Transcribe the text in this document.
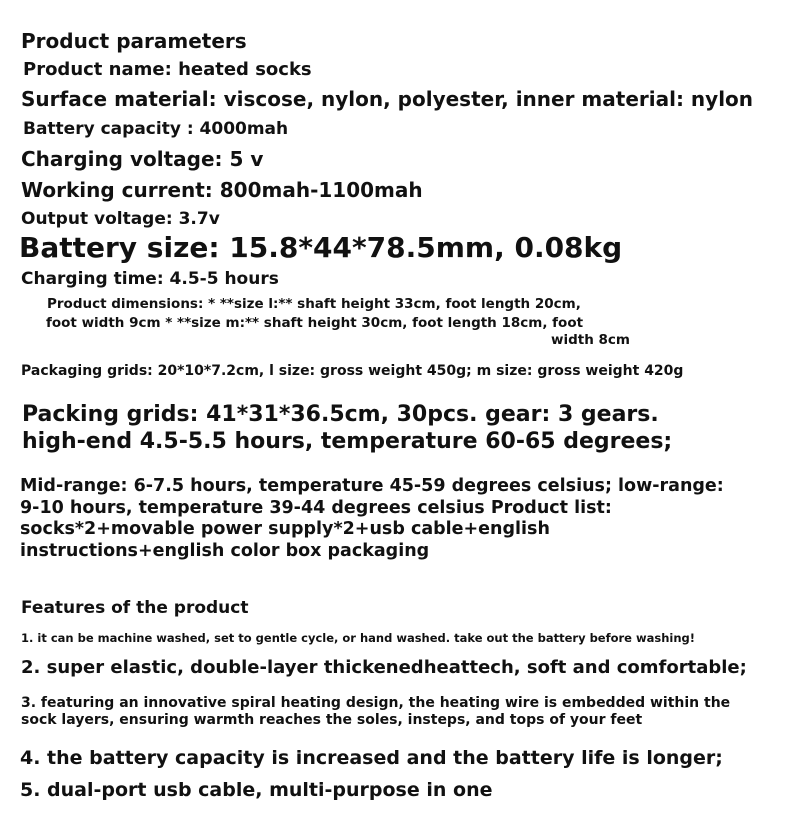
Product parameters
Product name: heated socks
Surface material: viscose, nylon, polyester, inner material: nylon
Battery capacity : 4000mah
Charging voltage: 5 v
Working current: 800mah-1100mah
Output voltage: 3.7v
Battery size: 15.8*44*78.5mm, 0.08kg
Charging time: 4.5-5 hours
Product dimensions: * **size l:** shaft height 33cm, foot length 20cm,
foot width 9cm * **size m:** shaft height 30cm, foot length 18cm, foot
width 8cm
Packaging grids: 20*10*7.2cm, l size: gross weight 450g; m size: gross weight 420g
Packing grids: 41*31*36.5cm, 30pcs. gear: 3 gears.
high-end 4.5-5.5 hours, temperature 60-65 degrees;
Mid-range: 6-7.5 hours, temperature 45-59 degrees celsius; low-range:
9-10 hours, temperature 39-44 degrees celsius Product list:
socks*2+movable power supply*2+usb cable+english
instructions+english color box packaging
Features of the product
1. it can be machine washed, set to gentle cycle, or hand washed. take out the battery before washing!
2. super elastic, double-layer thickenedheattech, soft and comfortable;
3. featuring an innovative spiral heating design, the heating wire is embedded within the
sock layers, ensuring warmth reaches the soles, insteps, and tops of your feet
4. the battery capacity is increased and the battery life is longer;
5. dual-port usb cable, multi-purpose in one
